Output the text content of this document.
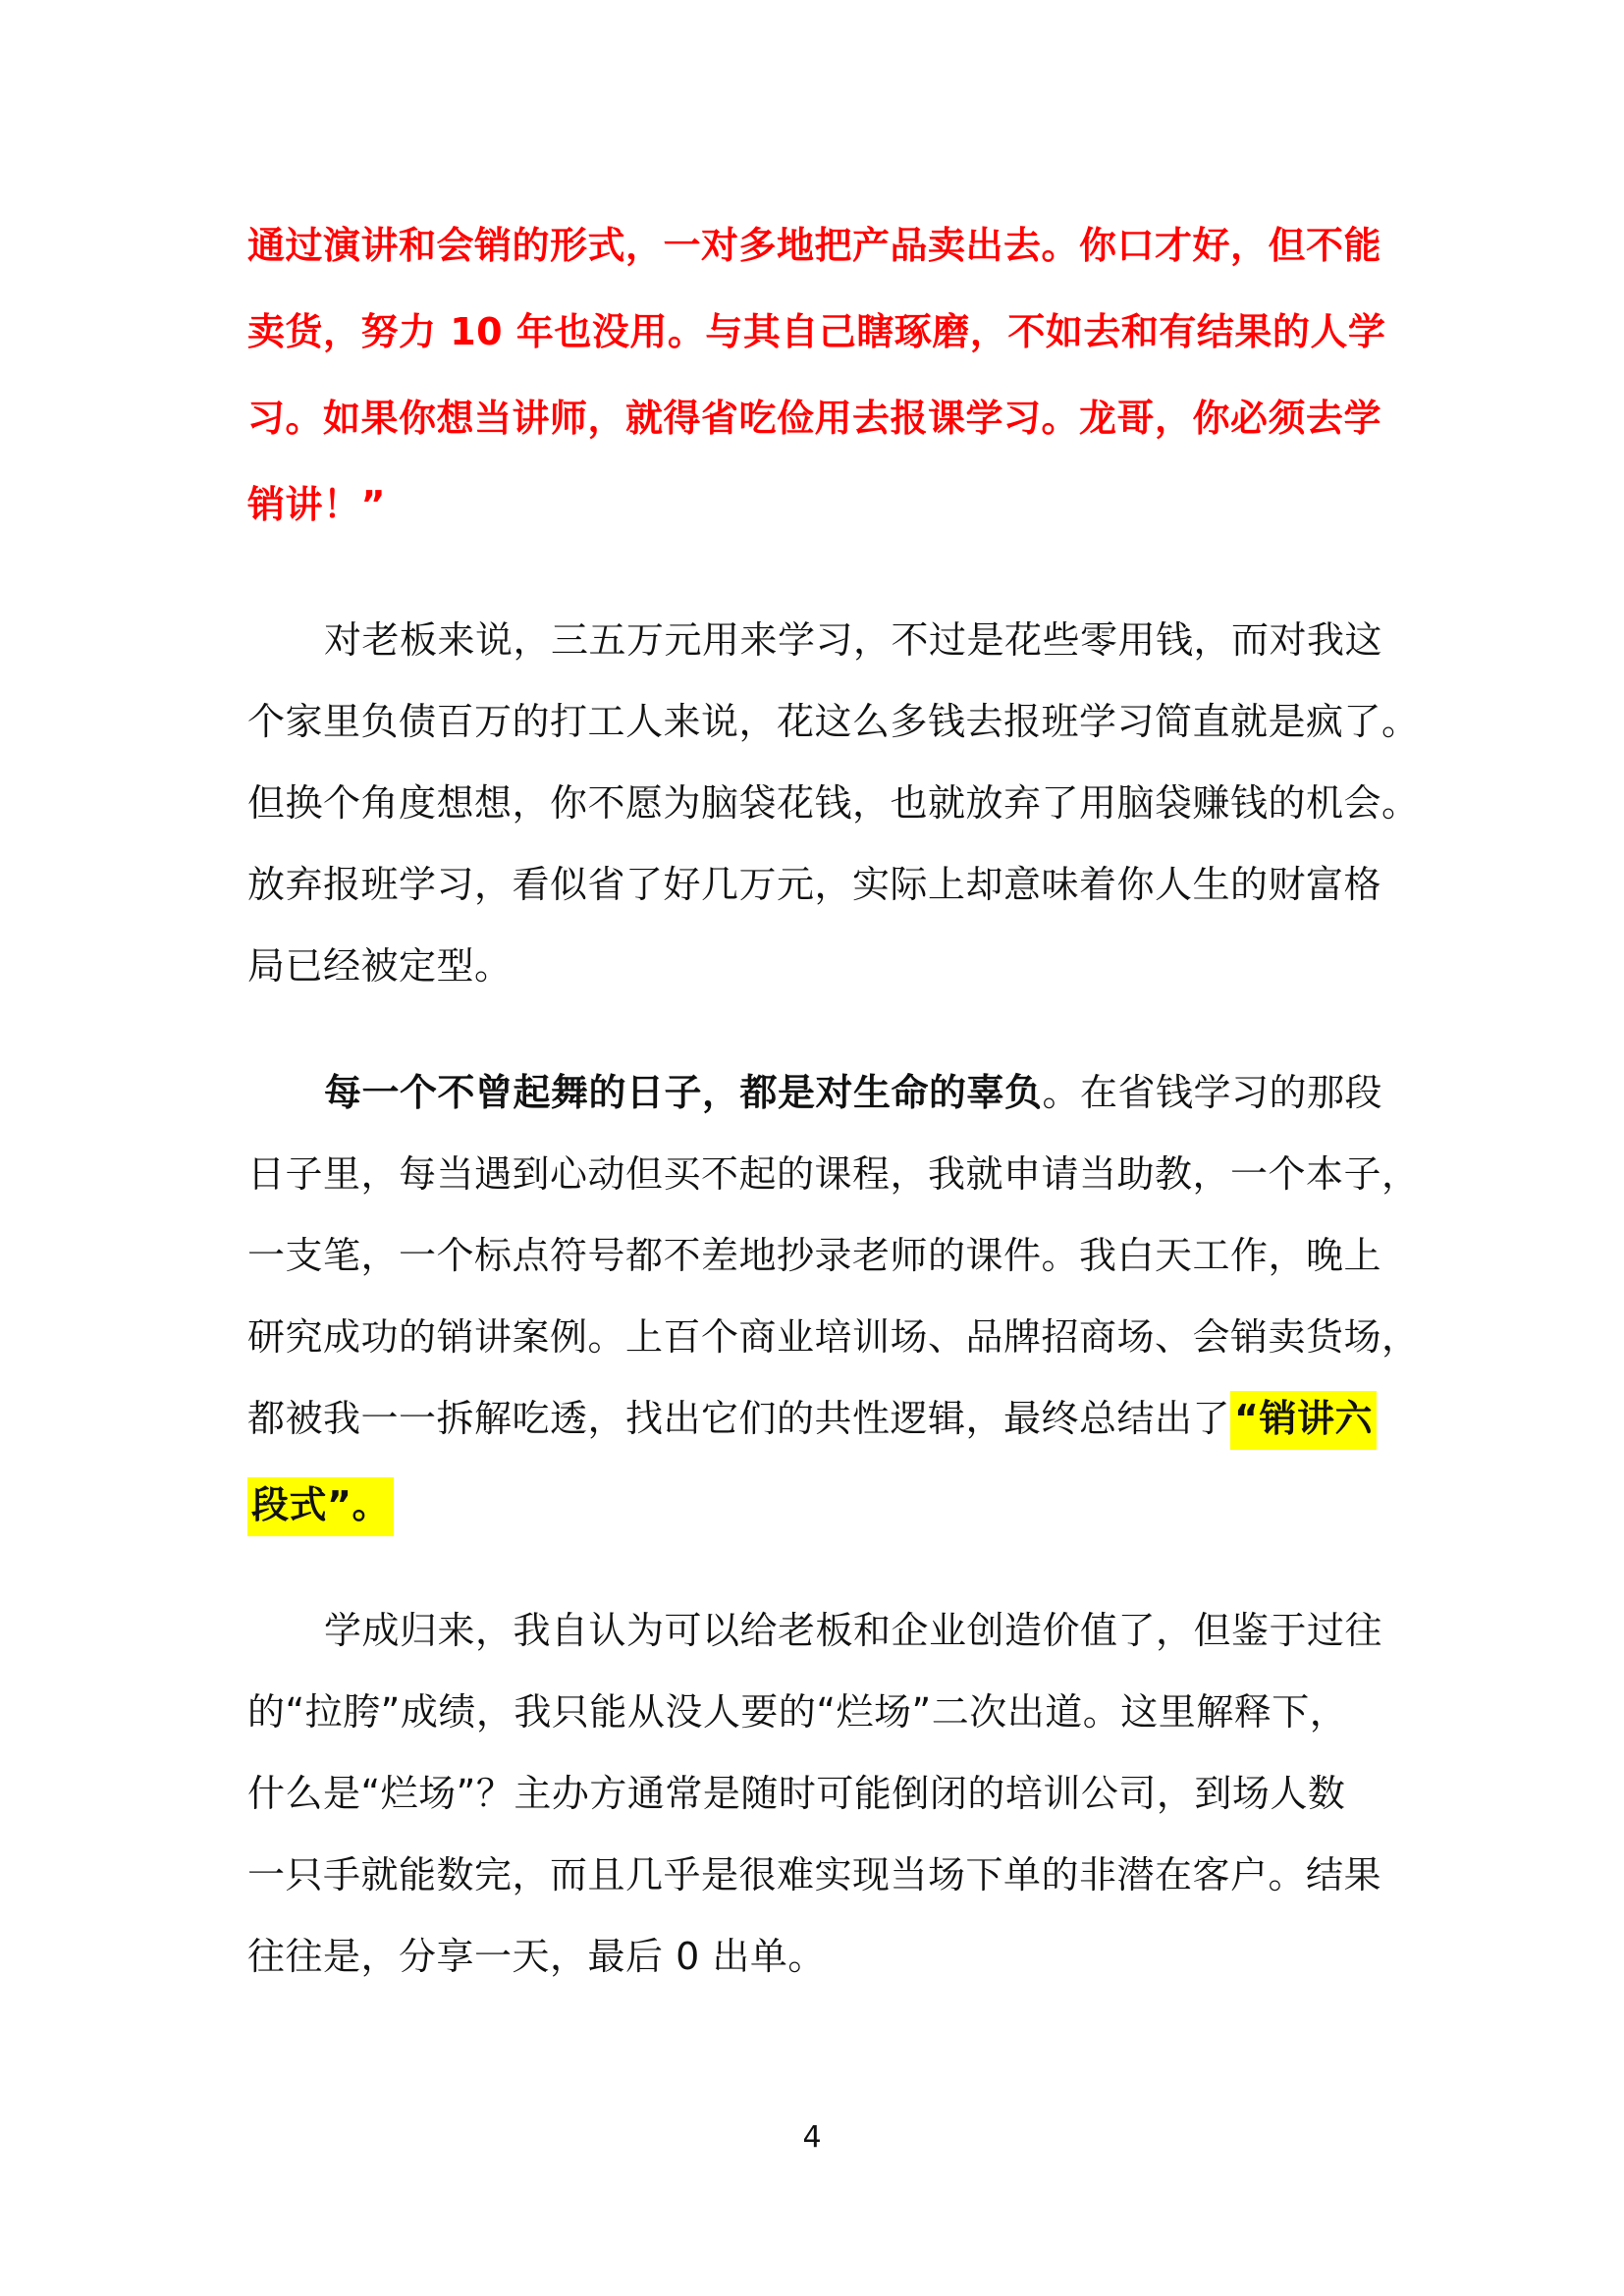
通过演讲和会销的形式，一对多地把产品卖出去。你口才好，但不能

卖货，努力 10 年也没用。与其自己瞎琢磨，不如去和有结果的人学

习。如果你想当讲师，就得省吃俭用去报课学习。龙哥，你必须去学

销讲！”

对老板来说，三五万元用来学习，不过是花些零用钱，而对我这

个家里负债百万的打工人来说，花这么多钱去报班学习简直就是疯了。

但换个角度想想，你不愿为脑袋花钱，也就放弃了用脑袋赚钱的机会。

放弃报班学习，看似省了好几万元，实际上却意味着你人生的财富格

局已经被定型。

每一个不曾起舞的日子，都是对生命的辜负。在省钱学习的那段

日子里，每当遇到心动但买不起的课程，我就申请当助教，一个本子，

一支笔，一个标点符号都不差地抄录老师的课件。我白天工作，晚上

研究成功的销讲案例。上百个商业培训场、品牌招商场、会销卖货场，

都被我一一拆解吃透，找出它们的共性逻辑，最终总结出了 “销讲六

段式”。

学成归来，我自认为可以给老板和企业创造价值了，但鉴于过往

的“拉胯”成绩，我只能从没人要的“烂场”二次出道。这里解释下，

什么是“烂场”？主办方通常是随时可能倒闭的培训公司，到场人数

一只手就能数完，而且几乎是很难实现当场下单的非潜在客户。结果

往往是，分享一天，最后 0 出单。

4
